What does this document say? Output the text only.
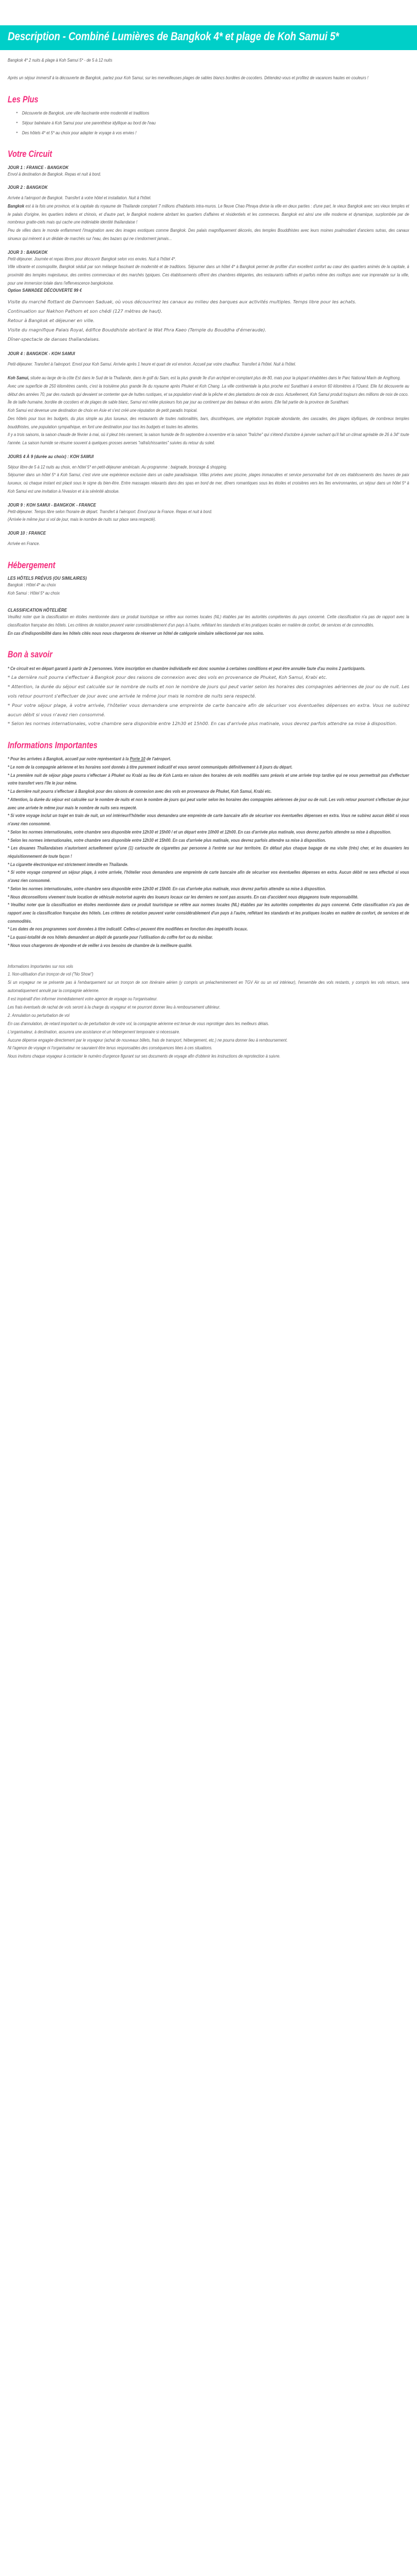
Description - Combiné Lumières de Bangkok 4* et plage de Koh Samui 5*

Bangkok 4* 2 nuits & plage à Koh Samui 5* - de 5 à 12 nuits

Après un séjour immersif à la découverte de Bangkok, partez pour Koh Samui, sur les merveilleuses plages de sables blancs bordées de cocotiers. Détendez-vous et profitez de vacances hautes en couleurs !

Les Plus
• Découverte de Bangkok, une ville fascinante entre modernité et traditions
• Séjour balnéaire à Koh Samui pour une parenthèse idyllique au bord de l'eau
• Des hôtels 4* et 5* au choix pour adapter le voyage à vos envies !
Votre Circuit
JOUR 1 : FRANCE - BANGKOK

Envol à destination de Bangkok. Repas et nuit à bord.

JOUR 2 : BANGKOK

Arrivée à l'aéroport de Bangkok. Transfert à votre hôtel et installation. Nuit à l'hôtel.

Bangkok est à la fois une province, et la capitale du royaume de Thaïlande comptant 7 millions d'habitants intra-muros. Le fleuve Chao Phraya divise la ville en deux parties : d'une part, le vieux Bangkok avec ses vieux temples et le palais d'origine, les quartiers indiens et chinois, et d'autre part, le Bangkok moderne abritant les quartiers d'affaires et résidentiels et les commerces. Bangkok est ainsi une ville moderne et dynamique, surplombée par de nombreux gratte-ciels mais qui cache une indéniable identité thaïlandaise !

Peu de villes dans le monde enflamment l'imagination avec des images exotiques comme Bangkok. Des palais magnifiquement décorés, des temples Bouddhistes avec leurs moines psalmodiant d'anciens sutras, des canaux sinueux qui mènent à un dédale de marchés sur l'eau, des bazars qui ne s'endorment jamais...

JOUR 3 : BANGKOK

Petit-déjeuner. Journée et repas libres pour découvrir Bangkok selon vos envies. Nuit à l'hôtel 4*.

Ville vibrante et cosmopolite, Bangkok séduit par son mélange fascinant de modernité et de traditions. Séjourner dans un hôtel 4* à Bangkok permet de profiter d'un excellent confort au cœur des quartiers animés de la capitale, à proximité des temples majestueux, des centres commerciaux et des marchés typiques. Ces établissements offrent des chambres élégantes, des restaurants raffinés et parfois même des rooftops avec vue imprenable sur la ville, pour une immersion totale dans l'effervescence bangkokoise.

Option SAWADEE DÉCOUVERTE 99 €

Visite du marché flottant de Damnoen Saduak, où vous découvrirez les canaux au milieu des barques aux activités multiples. Temps libre pour les achats.

Continuation sur Nakhon Pathom et son chédi (127 mètres de haut).

Retour à Bangkok et déjeuner en ville.

Visite du magnifique Palais Royal, édifice Bouddhiste abritant le Wat Phra Kaeo (Temple du Bouddha d'émeraude).

Dîner-spectacle de danses thaïlandaises.

JOUR 4 : BANGKOK - KOH SAMUI

Petit-déjeuner. Transfert à l'aéroport. Envol pour Koh Samui. Arrivée après 1 heure et quart de vol environ. Accueil par votre chauffeur. Transfert à l'hôtel. Nuit à l'hôtel.

Koh Samui, située au large de la côte Est dans le Sud de la Thaïlande, dans le golf du Siam, est la plus grande île d'un archipel en comptant plus de 80, mais pour la plupart inhabitées dans le Parc National Marin de Angthong.

Avec une superficie de 250 kilomètres carrés, c'est la troisième plus grande île du royaume après Phuket et Koh Chang. La ville continentale la plus proche est Suratthani à environ 60 kilomètres à l'Ouest. Elle fut découverte au début des années 70, par des routards qui devaient se contenter que de huttes rustiques, et sa population vivait de la pêche et des plantations de noix de coco. Actuellement, Koh Samui produit toujours des millions de noix de coco.

Île de taille humaine, bordée de cocotiers et de plages de sable blanc, Samui est reliée plusieurs fois par jour au continent par des bateaux et des avions. Elle fait partie de la province de Suratthani.

Koh Samui est devenue une destination de choix en Asie et s'est créé une réputation de petit paradis tropical.

Des hôtels pour tous les budgets, du plus simple au plus luxueux, des restaurants de toutes nationalités, bars, discothèques, une végétation tropicale abondante, des cascades, des plages idylliques, de nombreux temples bouddhistes, une population sympathique, en font une destination pour tous les budgets et toutes les attentes.

Il y a trois saisons, la saison chaude de février à mai, où il pleut très rarement, la saison humide de fin septembre à novembre et la saison "fraîche" qui s'étend d'octobre à janvier sachant qu'il fait un climat agréable de 26 à 34° toute l'année. La saison humide se résume souvent à quelques grosses averses "rafraîchissantes" suivies du retour du soleil.

JOURS 4 À 9 (durée au choix) : KOH SAMUI

Séjour libre de 5 à 12 nuits au choix, en hôtel 5* en petit-déjeuner américain. Au programme : baignade, bronzage & shopping.

Séjourner dans un hôtel 5* à Koh Samui, c'est vivre une expérience exclusive dans un cadre paradisiaque. Villas privées avec piscine, plages immaculées et service personnalisé font de ces établissements des havres de paix luxueux, où chaque instant est placé sous le signe du bien-être. Entre massages relaxants dans des spas en bord de mer, dîners romantiques sous les étoiles et croisières vers les îles environnantes, un séjour dans un hôtel 5* à Koh Samui est une invitation à l'évasion et à la sérénité absolue.

JOUR 9 : KOH SAMUI - BANGKOK - FRANCE

Petit-déjeuner. Temps libre selon l'horaire de départ. Transfert à l'aéroport. Envol pour la France. Repas et nuit à bord.

(Arrivée le même jour si vol de jour, mais le nombre de nuits sur place sera respecté).

JOUR 10 : FRANCE

Arrivée en France.

Hébergement
LES HÔTELS PRÉVUS (OU SIMILAIRES)

Bangkok : Hôtel 4* au choix

Koh Samui : Hôtel 5* au choix

CLASSIFICATION HÔTELIÈRE

Veuillez noter que la classification en étoiles mentionnée dans ce produit touristique se réfère aux normes locales (NL) établies par les autorités compétentes du pays concerné. Cette classification n'a pas de rapport avec la classification française des hôtels. Les critères de notation peuvent varier considérablement d'un pays à l'autre, reflétant les standards et les pratiques locales en matière de confort, de services et de commodités.

En cas d'indisponibilité dans les hôtels cités nous nous chargerons de réserver un hôtel de catégorie similaire sélectionné par nos soins.

Bon à savoir

* Ce circuit est en départ garanti à partir de 2 personnes. Votre inscription en chambre individuelle est donc soumise à certaines conditions et peut être annulée faute d'au moins 2 participants.

* La dernière nuit pourra s'effectuer à Bangkok pour des raisons de connexion avec des vols en provenance de Phuket, Koh Samui, Krabi etc.

* Attention, la durée du séjour est calculée sur le nombre de nuits et non le nombre de jours qui peut varier selon les horaires des compagnies aériennes de jour ou de nuit. Les vols retour pourront s'effectuer de jour avec une arrivée le même jour mais le nombre de nuits sera respecté.

* Pour votre séjour plage, à votre arrivée, l'hôtelier vous demandera une empreinte de carte bancaire afin de sécuriser vos éventuelles dépenses en extra. Vous ne subirez aucun débit si vous n'avez rien consommé.

* Selon les normes internationales, votre chambre sera disponible entre 12h30 et 15h00. En cas d'arrivée plus matinale, vous devrez parfois attendre sa mise à disposition.

Informations Importantes

* Pour les arrivées à Bangkok, accueil par notre représentant à la Porte 10 de l'aéroport.

* Le nom de la compagnie aérienne et les horaires sont donnés à titre purement indicatif et vous seront communiqués définitivement à 8 jours du départ.

* La première nuit de séjour plage pourra s'effectuer à Phuket ou Krabi au lieu de Koh Lanta en raison des horaires de vols modifiés sans préavis et une arrivée trop tardive qui ne vous permettrait pas d'effectuer votre transfert vers l'île le jour même.

* La dernière nuit pourra s'effectuer à Bangkok pour des raisons de connexion avec des vols en provenance de Phuket, Koh Samui, Krabi etc.

* Attention, la durée du séjour est calculée sur le nombre de nuits et non le nombre de jours qui peut varier selon les horaires des compagnies aériennes de jour ou de nuit. Les vols retour pourront s'effectuer de jour avec une arrivée le même jour mais le nombre de nuits sera respecté.

* Si votre voyage inclut un trajet en train de nuit, un vol intérieur/l'hôtelier vous demandera une empreinte de carte bancaire afin de sécuriser vos éventuelles dépenses en extra. Vous ne subirez aucun débit si vous n'avez rien consommé.

* Selon les normes internationales, votre chambre sera disponible entre 12h30 et 15h00 / et un départ entre 10h00 et 12h00. En cas d'arrivée plus matinale, vous devrez parfois attendre sa mise à disposition.

* Selon les normes internationales, votre chambre sera disponible entre 12h30 et 15h00. En cas d'arrivée plus matinale, vous devrez parfois attendre sa mise à disposition.

* Les douanes Thaïlandaises n'autorisent actuellement qu'une (1) cartouche de cigarettes par personne à l'entrée sur leur territoire. En défaut plus chaque bagage de ma visite (très) cher, et les douaniers les réquisitionnement de toute façon !

* La cigarette électronique est strictement interdite en Thaïlande.

* Si votre voyage comprend un séjour plage, à votre arrivée, l'hôtelier vous demandera une empreinte de carte bancaire afin de sécuriser vos éventuelles dépenses en extra. Aucun débit ne sera effectué si vous n'avez rien consommé.

* Selon les normes internationales, votre chambre sera disponible entre 12h30 et 15h00. En cas d'arrivée plus matinale, vous devrez parfois attendre sa mise à disposition.

* Nous déconseillons vivement toute location de véhicule motorisé auprès des loueurs locaux car les derniers ne sont pas assurés. En cas d'accident nous dégageons toute responsabilité.

* Veuillez noter que la classification en étoiles mentionnée dans ce produit touristique se réfère aux normes locales (NL) établies par les autorités compétentes du pays concerné. Cette classification n'a pas de rapport avec la classification française des hôtels. Les critères de notation peuvent varier considérablement d'un pays à l'autre, reflétant les standards et les pratiques locales en matière de confort, de services et de commodités.

* Les dates de nos programmes sont données à titre indicatif. Celles-ci peuvent être modifiées en fonction des impératifs locaux.

* La quasi-totalité de nos hôtels demandent un dépôt de garantie pour l'utilisation du coffre fort ou du minibar.

* Nous vous chargerons de répondre et de veiller à vos besoins de chambre de la meilleure qualité.

Informations Importantes sur nos vols

1. Non-utilisation d'un tronçon de vol ("No Show")

Si un voyageur ne se présente pas à l'embarquement sur un tronçon de son itinéraire aérien (y compris un préacheminement en TGV Air ou un vol intérieur), l'ensemble des vols restants, y compris les vols retours, sera automatiquement annulé par la compagnie aérienne.

Il est impératif d'en informer immédiatement votre agence de voyage ou l'organisateur.

Les frais éventuels de rachat de vols seront à la charge du voyageur et ne pourront donner lieu à remboursement ultérieur.

2. Annulation ou perturbation de vol

En cas d'annulation, de retard important ou de perturbation de votre vol, la compagnie aérienne est tenue de vous reprotéger dans les meilleurs délais.

L'organisateur, à destination, assurera une assistance et un hébergement temporaire si nécessaire.

Aucune dépense engagée directement par le voyageur (achat de nouveaux billets, frais de transport, hébergement, etc.) ne pourra donner lieu à remboursement.

Ni l'agence de voyage ni l'organisateur ne sauraient être tenus responsables des conséquences liées à ces situations.

Nous invitons chaque voyageur à contacter le numéro d'urgence figurant sur ses documents de voyage afin d'obtenir les instructions de reprotection à suivre.
